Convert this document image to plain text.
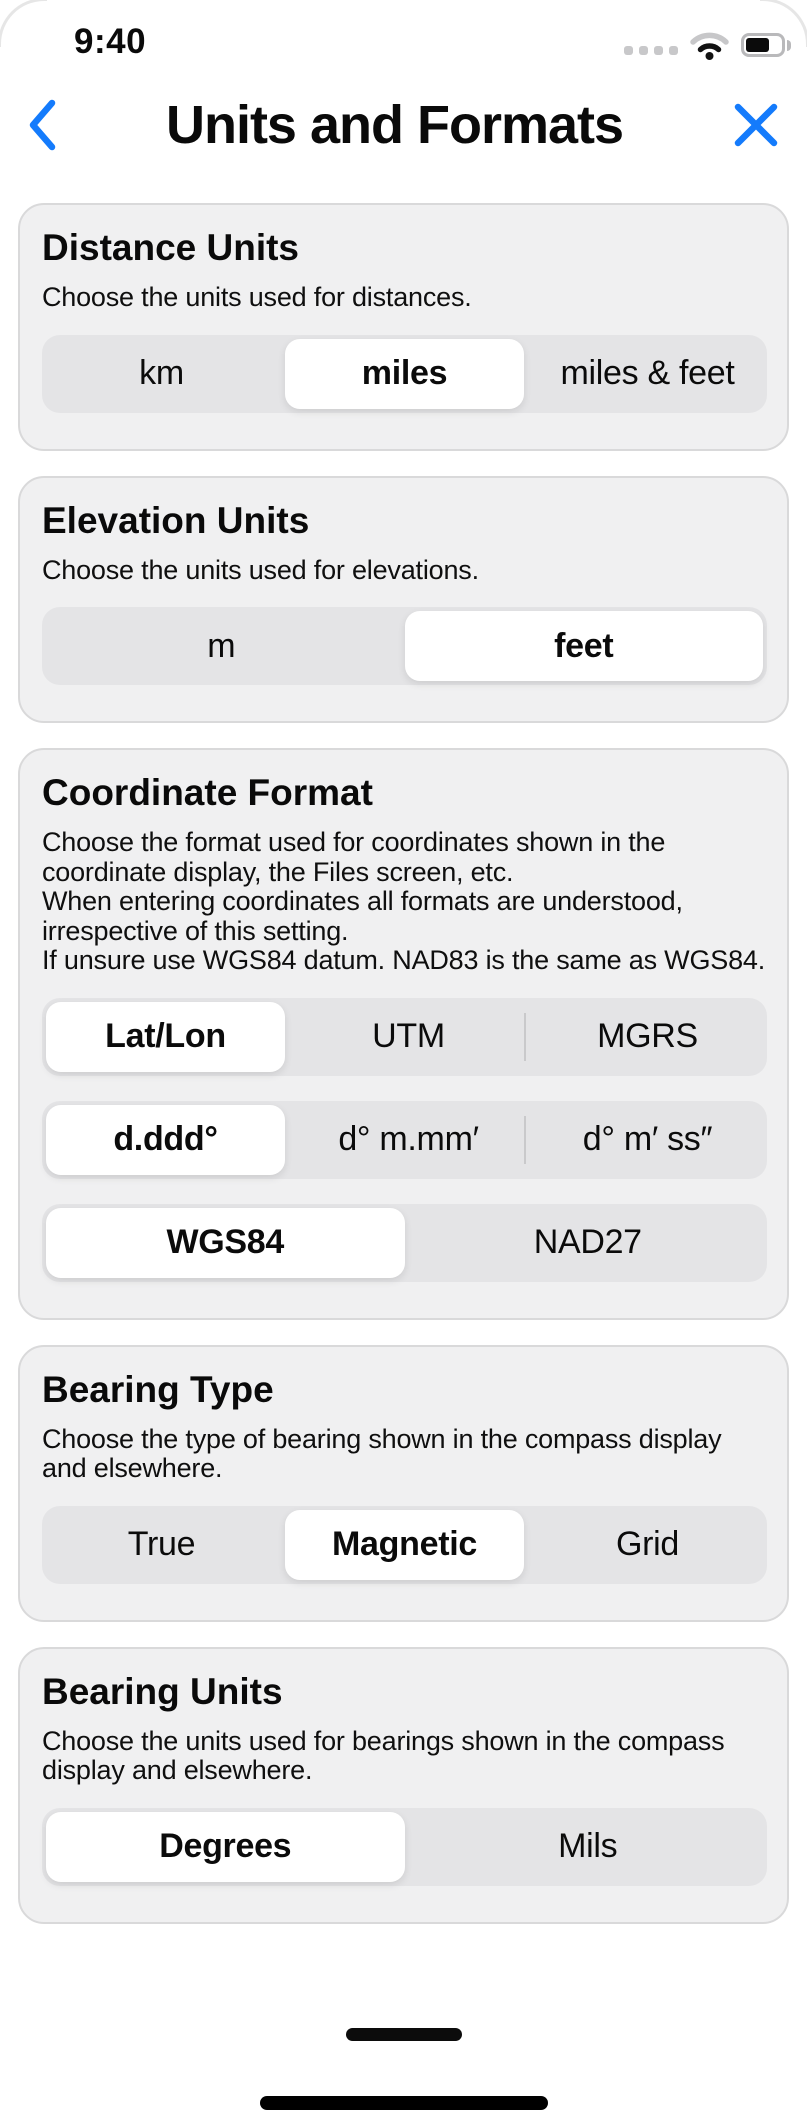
9:40
Units and Formats
Distance Units

Choose the units used for distances.

km	miles	miles & feet
Elevation Units

Choose the units used for elevations.

m	feet
Coordinate Format

Choose the format used for coordinates shown in the coordinate display, the Files screen, etc.

When entering coordinates all formats are understood, irrespective of this setting.

If unsure use WGS84 datum. NAD83 is the same as WGS84.

Lat/Lon	UTM	MGRS
d.ddd°	d° m.mm′	d° m′ ss″
WGS84	NAD27
Bearing Type

Choose the type of bearing shown in the compass display and elsewhere.

True	Magnetic	Grid
Bearing Units

Choose the units used for bearings shown in the compass display and elsewhere.

Degrees	Mils
